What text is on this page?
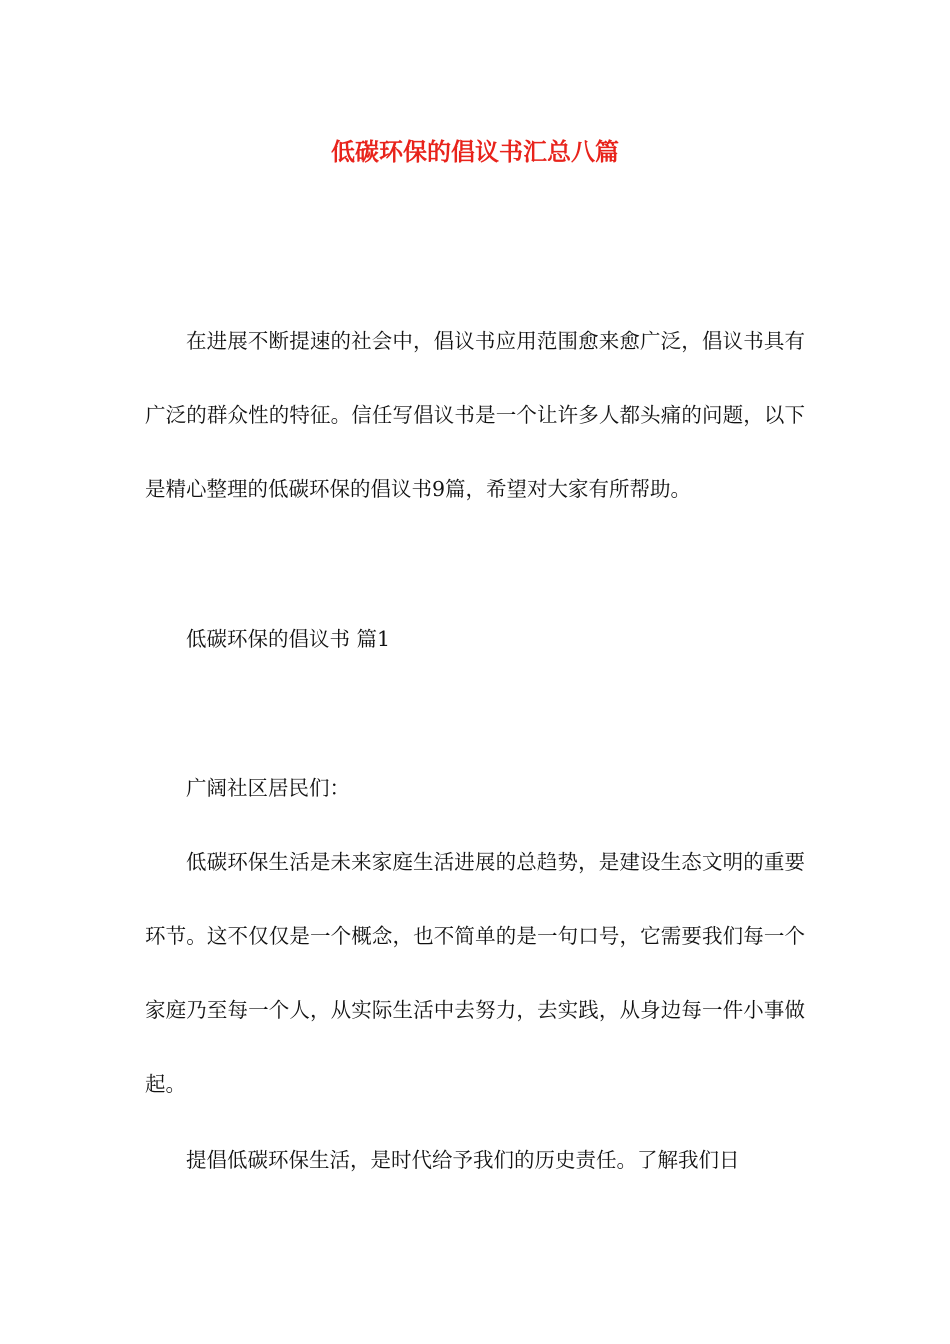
低碳环保的倡议书汇总八篇

在进展不断提速的社会中，倡议书应用范围愈来愈广泛，倡议书具有广泛的群众性的特征。信任写倡议书是一个让许多人都头痛的问题，以下是精心整理的低碳环保的倡议书9篇，希望对大家有所帮助。

低碳环保的倡议书 篇1

广阔社区居民们：

低碳环保生活是未来家庭生活进展的总趋势，是建设生态文明的重要环节。这不仅仅是一个概念，也不简单的是一句口号，它需要我们每一个家庭乃至每一个人，从实际生活中去努力，去实践，从身边每一件小事做起。

提倡低碳环保生活，是时代给予我们的历史责任。了解我们日
